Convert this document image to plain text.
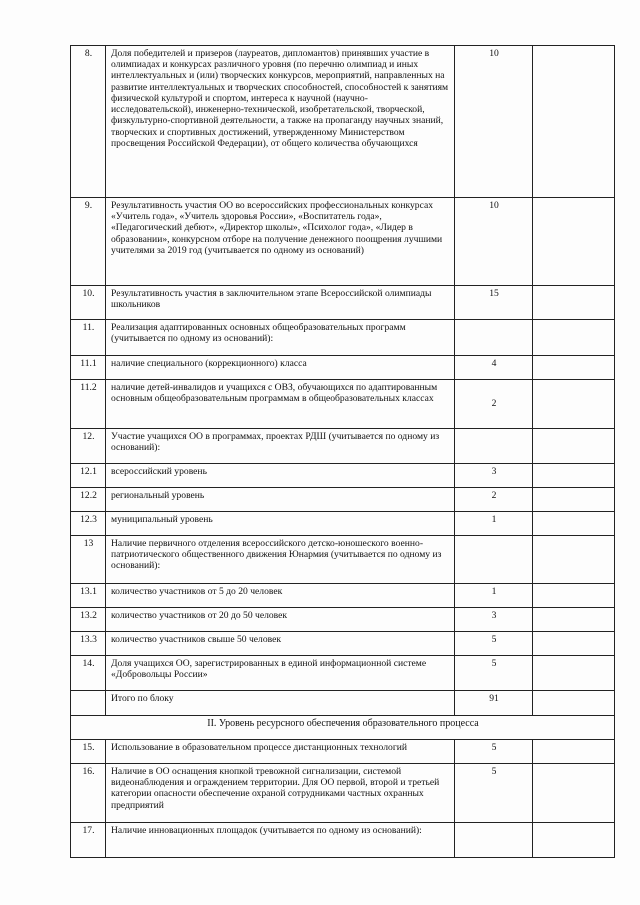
8.	Доля победителей и призеров (лауреатов, дипломантов) принявших участие в олимпиадах и конкурсах различного уровня (по перечню олимпиад и иных интеллектуальных и (или) творческих конкурсов, мероприятий, направленных на развитие интеллектуальных и творческих способностей, способностей к занятиям физической культурой и спортом, интереса к научной (научно-исследовательской), инженерно-технической, изобретательской, творческой, физкультурно-спортивной деятельности, а также на пропаганду научных знаний, творческих и спортивных достижений, утвержденному Министерством просвещения Российской Федерации), от общего количества обучающихся	10	
9.	Результативность участия ОО во всероссийских профессиональных конкурсах «Учитель года», «Учитель здоровья России», «Воспитатель года», «Педагогический дебют», «Директор школы», «Психолог года», «Лидер в образовании», конкурсном отборе на получение денежного поощрения лучшими учителями за 2019 год (учитывается по одному из оснований)	10	
10.	Результативность участия в заключительном этапе Всероссийской олимпиады школьников	15	
11.	Реализация адаптированных основных общеобразовательных программ (учитывается по одному из оснований):		
11.1	наличие специального (коррекционного) класса	4	
11.2	наличие детей-инвалидов и учащихся с ОВЗ, обучающихся по адаптированным основным общеобразовательным программам в общеобразовательных классах	2	
12.	Участие учащихся ОО в программах, проектах РДШ (учитывается по одному из оснований):		
12.1	всероссийский уровень	3	
12.2	региональный уровень	2	
12.3	муниципальный уровень	1	
13	Наличие первичного отделения всероссийского детско-юношеского военно-патриотического общественного движения Юнармия (учитывается по одному из оснований):		
13.1	количество участников от 5 до 20 человек	1	
13.2	количество участников от 20 до 50 человек	3	
13.3	количество участников свыше 50 человек	5	
14.	Доля учащихся ОО, зарегистрированных в единой информационной системе «Добровольцы России»	5	
	Итого по блоку	91	
II. Уровень ресурсного обеспечения образовательного процесса			
15.	Использование в образовательном процессе дистанционных технологий	5	
16.	Наличие в ОО оснащения кнопкой тревожной сигнализации, системой видеонаблюдения и ограждением территории. Для ОО первой, второй и третьей категории опасности обеспечение охраной сотрудниками частных охранных предприятий	5	
17.	Наличие инновационных площадок (учитывается по одному из оснований):		
